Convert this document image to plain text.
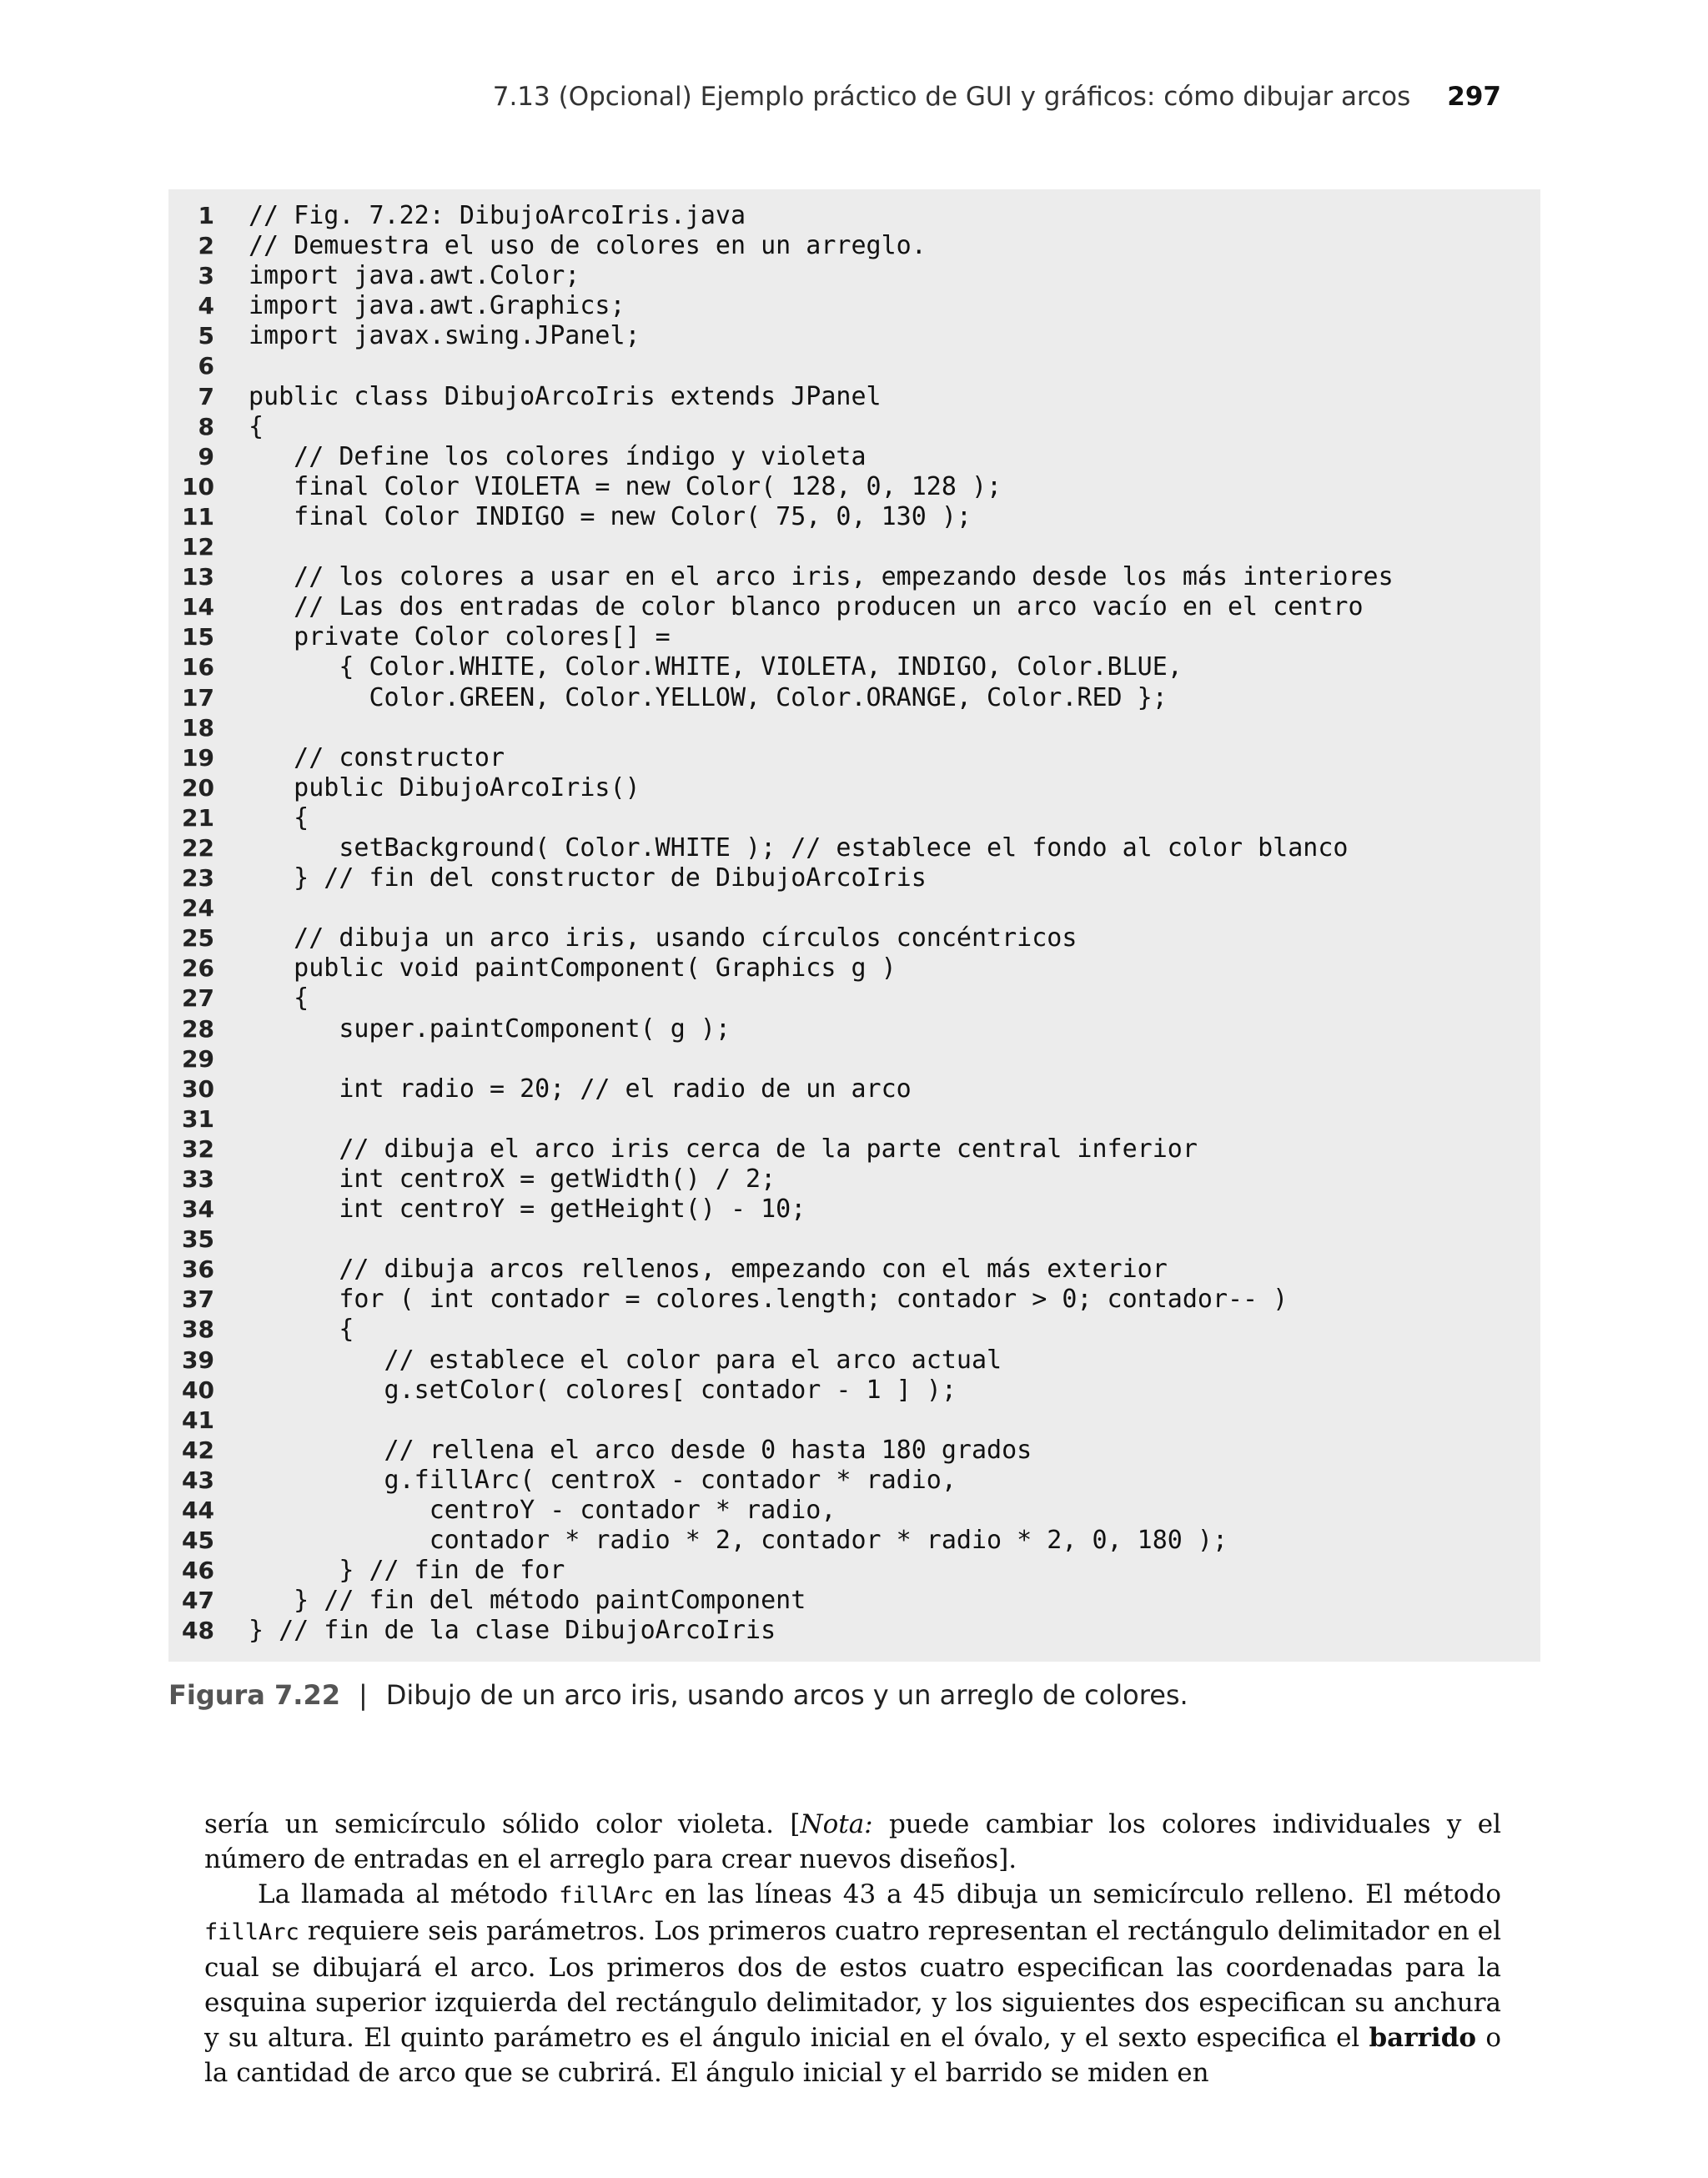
7.13 (Opcional) Ejemplo práctico de GUI y gráficos: cómo dibujar arcos 297
1 // Fig. 7.22: DibujoArcoIris.java
2 // Demuestra el uso de colores en un arreglo.
3 import java.awt.Color;
4 import java.awt.Graphics;
5 import javax.swing.JPanel;
6
7 public class DibujoArcoIris extends JPanel
8 {
9 // Define los colores índigo y violeta
10 final Color VIOLETA = new Color( 128, 0, 128 );
11 final Color INDIGO = new Color( 75, 0, 130 );
12
13 // los colores a usar en el arco iris, empezando desde los más interiores
14 // Las dos entradas de color blanco producen un arco vacío en el centro
15 private Color colores[] =
16 { Color.WHITE, Color.WHITE, VIOLETA, INDIGO, Color.BLUE,
17 Color.GREEN, Color.YELLOW, Color.ORANGE, Color.RED };
18
19 // constructor
20 public DibujoArcoIris()
21 {
22 setBackground( Color.WHITE ); // establece el fondo al color blanco
23 } // fin del constructor de DibujoArcoIris
24
25 // dibuja un arco iris, usando círculos concéntricos
26 public void paintComponent( Graphics g )
27 {
28 super.paintComponent( g );
29
30 int radio = 20; // el radio de un arco
31
32 // dibuja el arco iris cerca de la parte central inferior
33 int centroX = getWidth() / 2;
34 int centroY = getHeight() - 10;
35
36 // dibuja arcos rellenos, empezando con el más exterior
37 for ( int contador = colores.length; contador > 0; contador-- )
38 {
39 // establece el color para el arco actual
40 g.setColor( colores[ contador - 1 ] );
41
42 // rellena el arco desde 0 hasta 180 grados
43 g.fillArc( centroX - contador * radio,
44 centroY - contador * radio,
45 contador * radio * 2, contador * radio * 2, 0, 180 );
46 } // fin de for
47 } // fin del método paintComponent
48 } // fin de la clase DibujoArcoIris
Figura 7.22 | Dibujo de un arco iris, usando arcos y un arreglo de colores.

sería un semicírculo sólido color violeta. [Nota: puede cambiar los colores individuales y el número de entradas en el arreglo para crear nuevos diseños].

La llamada al método fillArc en las líneas 43 a 45 dibuja un semicírculo relleno. El método fillArc requiere seis parámetros. Los primeros cuatro representan el rectángulo delimitador en el cual se dibujará el arco. Los primeros dos de estos cuatro especifican las coordenadas para la esquina superior izquierda del rectángulo delimitador, y los siguientes dos especifican su anchura y su altura. El quinto parámetro es el ángulo inicial en el óvalo, y el sexto especifica el barrido o la cantidad de arco que se cubrirá. El ángulo inicial y el barrido se miden en
